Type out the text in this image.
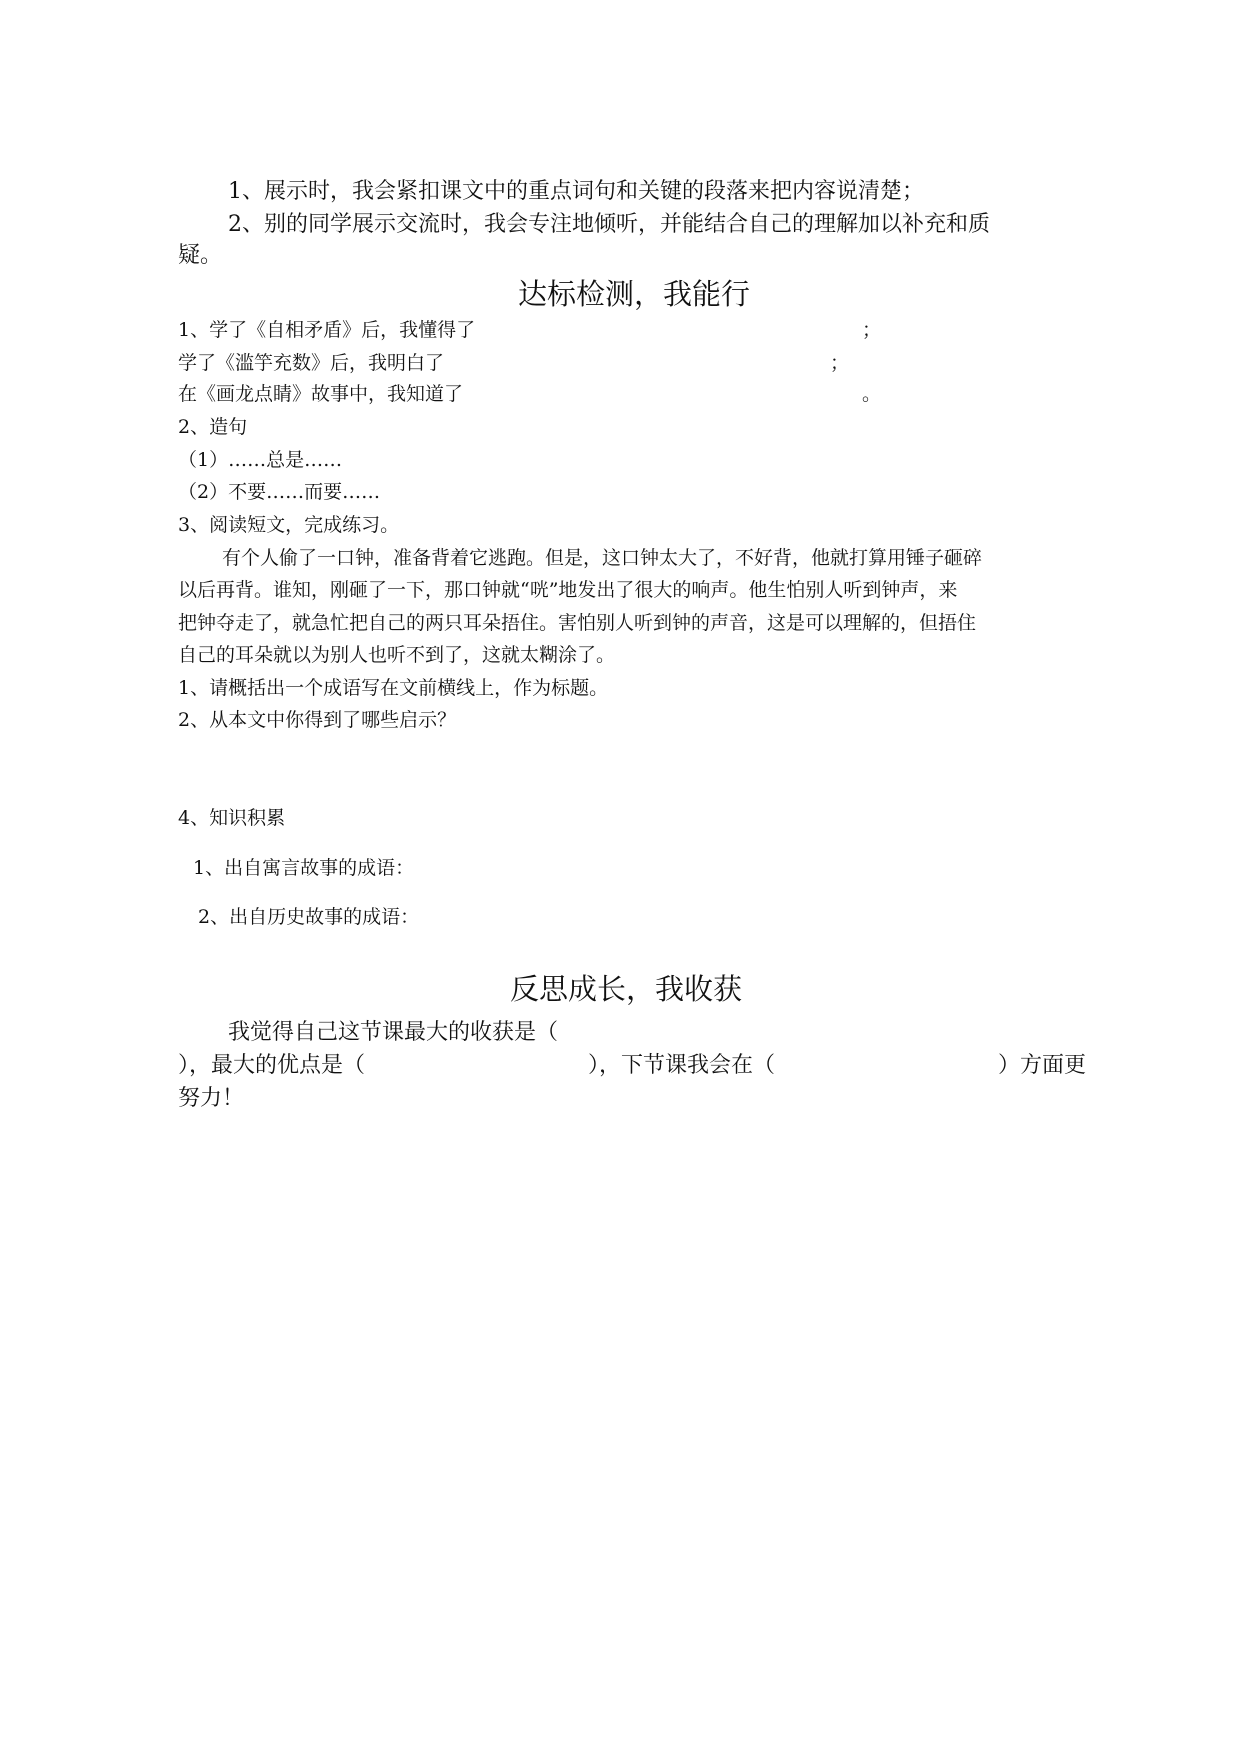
1、展示时，我会紧扣课文中的重点词句和关键的段落来把内容说清楚；
2、别的同学展示交流时，我会专注地倾听，并能结合自己的理解加以补充和质
疑。
达标检测，我能行
1、学了《自相矛盾》后，我懂得了	；
学了《滥竽充数》后，我明白了	；
在《画龙点睛》故事中，我知道了	。
2、造句
（1）……总是……
（2）不要……而要……
3、阅读短文，完成练习。
有个人偷了一口钟，准备背着它逃跑。但是，这口钟太大了，不好背，他就打算用锤子砸碎
以后再背。谁知，刚砸了一下，那口钟就“咣”地发出了很大的响声。他生怕别人听到钟声，来
把钟夺走了，就急忙把自己的两只耳朵捂住。害怕别人听到钟的声音，这是可以理解的，但捂住
自己的耳朵就以为别人也听不到了，这就太糊涂了。
1、请概括出一个成语写在文前横线上，作为标题。
2、从本文中你得到了哪些启示？
4、知识积累
1、出自寓言故事的成语：
2、出自历史故事的成语：
反思成长，我收获
我觉得自己这节课最大的收获是（
），最大的优点是（	），下节课我会在（	）方面更
努力！
